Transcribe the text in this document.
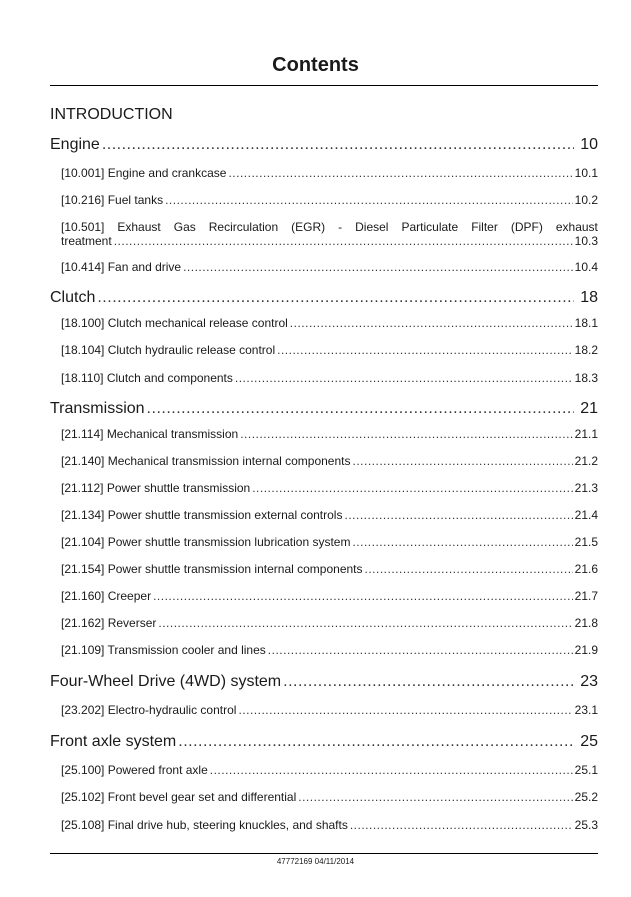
Contents
INTRODUCTION
Engine .....	10
[10.001] Engine and crankcase .....	10.1
[10.216] Fuel tanks .....	10.2
[10.501] Exhaust Gas Recirculation (EGR) - Diesel Particulate Filter (DPF) exhaust
treatment .....	10.3
[10.414] Fan and drive .....	10.4
Clutch .....	18
[18.100] Clutch mechanical release control .....	18.1
[18.104] Clutch hydraulic release control .....	18.2
[18.110] Clutch and components .....	18.3
Transmission .....	21
[21.114] Mechanical transmission .....	21.1
[21.140] Mechanical transmission internal components .....	21.2
[21.112] Power shuttle transmission .....	21.3
[21.134] Power shuttle transmission external controls .....	21.4
[21.104] Power shuttle transmission lubrication system .....	21.5
[21.154] Power shuttle transmission internal components .....	21.6
[21.160] Creeper .....	21.7
[21.162] Reverser .....	21.8
[21.109] Transmission cooler and lines .....	21.9
Four-Wheel Drive (4WD) system .....	23
[23.202] Electro-hydraulic control .....	23.1
Front axle system .....	25
[25.100] Powered front axle .....	25.1
[25.102] Front bevel gear set and differential .....	25.2
[25.108] Final drive hub, steering knuckles, and shafts .....	25.3
47772169 04/11/2014
